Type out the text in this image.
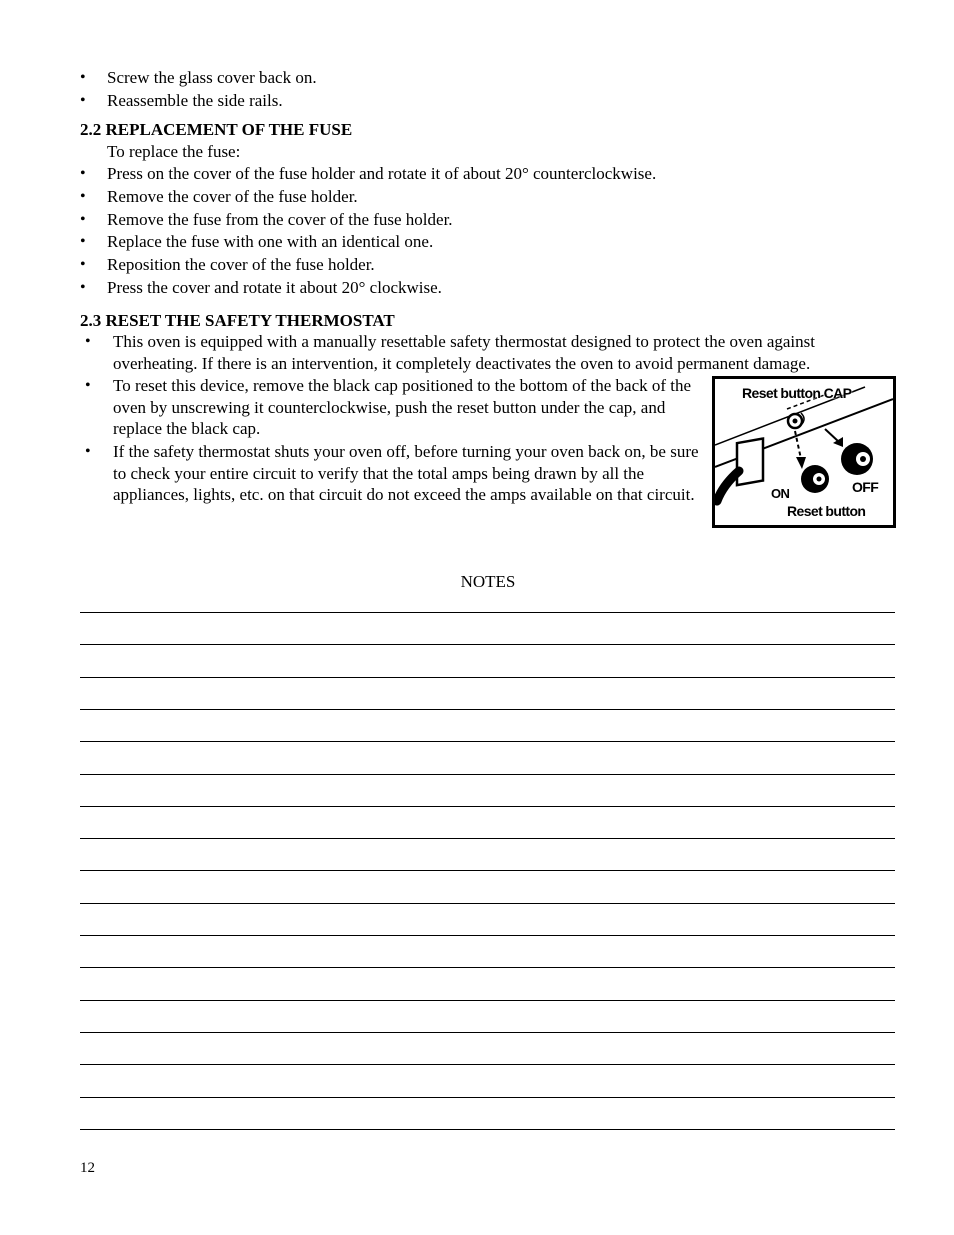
• Screw the glass cover back on.
• Reassemble the side rails.
2.2 REPLACEMENT OF THE FUSE
To replace the fuse:
• Press on the cover of the fuse holder and rotate it of about 20° counterclockwise.
• Remove the cover of the fuse holder.
• Remove the fuse from the cover of the fuse holder.
• Replace the fuse with one with an identical one.
• Reposition the cover of the fuse holder.
• Press the cover and rotate it about 20° clockwise.
2.3 RESET THE SAFETY THERMOSTAT
• This oven is equipped with a manually resettable safety thermostat designed to protect the oven against overheating. If there is an intervention, it completely deactivates the oven to avoid permanent damage.
• To reset this device, remove the black cap positioned to the bottom of the back of the oven by unscrewing it counterclockwise, push the reset button under the cap, and replace the black cap.
• If the safety thermostat shuts your oven off, before turning your oven back on, be sure to check your entire circuit to verify that the total amps being drawn by all the appliances, lights, etc. on that circuit do not exceed the amps available on that circuit.
Reset button CAP
ON	OFF
Reset button
NOTES
12
